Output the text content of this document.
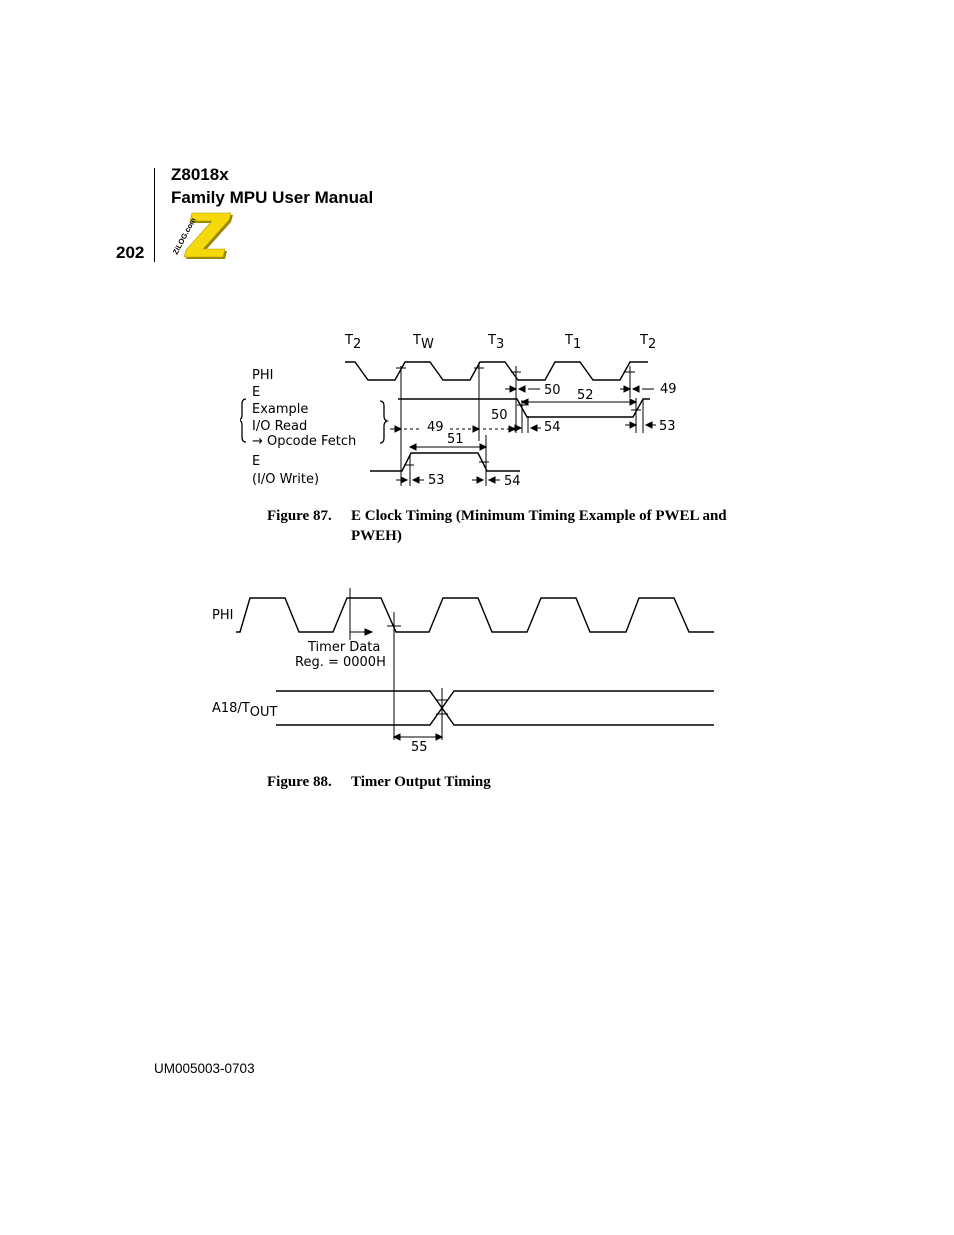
Z8018x
Family MPU User Manual
202	ZiLOG.com
T2	TW	T3	T1	T2
PHI
E
Example
I/O Read
→ Opcode Fetch
E
(I/O Write)
50 52	49
50
49	54	53
51
53	54
Figure 87. E Clock Timing (Minimum Timing Example of PWEL and PWEH)
PHI
A18/TOUT
Timer Data
Reg. = 0000H
55
Figure 88. Timer Output Timing
UM005003-0703
